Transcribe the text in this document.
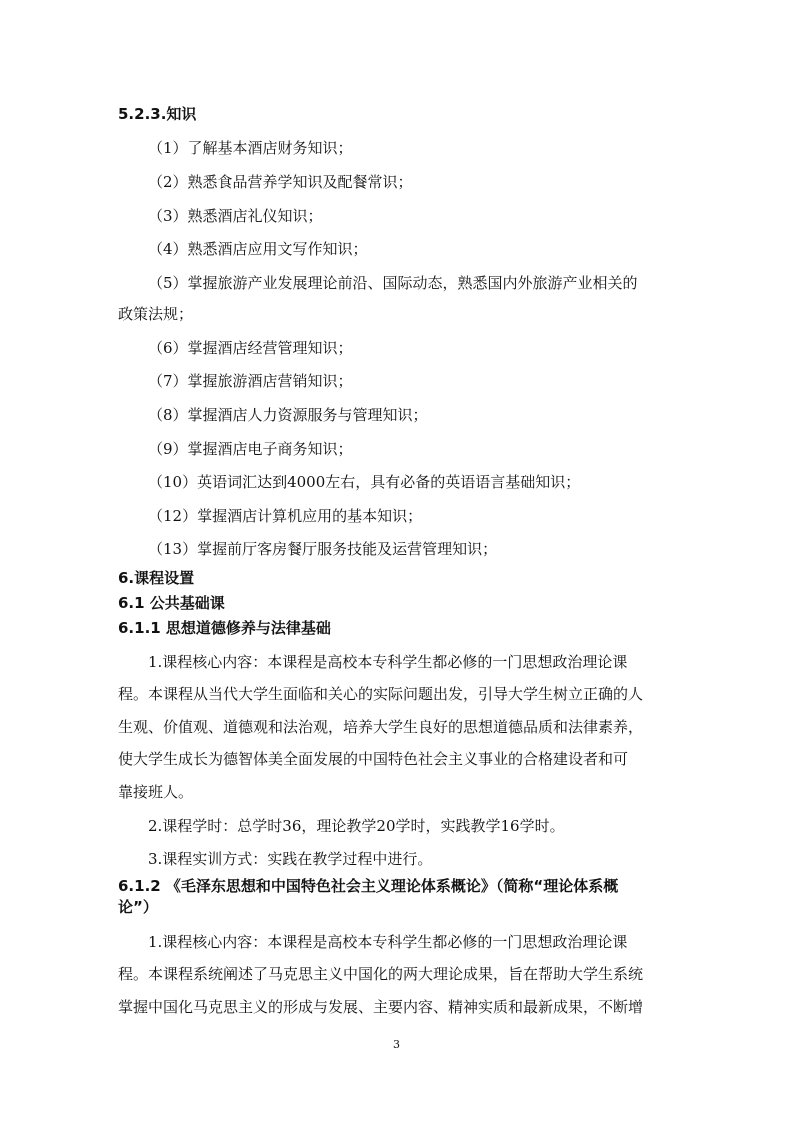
5.2.3.知识
（1）了解基本酒店财务知识；
（2）熟悉食品营养学知识及配餐常识；
（3）熟悉酒店礼仪知识；
（4）熟悉酒店应用文写作知识；
（5）掌握旅游产业发展理论前沿、国际动态，熟悉国内外旅游产业相关的
政策法规；
（6）掌握酒店经营管理知识；
（7）掌握旅游酒店营销知识；
（8）掌握酒店人力资源服务与管理知识；
（9）掌握酒店电子商务知识；
（10）英语词汇达到4000左右，具有必备的英语语言基础知识；
（12）掌握酒店计算机应用的基本知识；
（13）掌握前厅客房餐厅服务技能及运营管理知识；
6.课程设置
6.1 公共基础课
6.1.1 思想道德修养与法律基础
1.课程核心内容：本课程是高校本专科学生都必修的一门思想政治理论课
程。本课程从当代大学生面临和关心的实际问题出发，引导大学生树立正确的人
生观、价值观、道德观和法治观，培养大学生良好的思想道德品质和法律素养，
使大学生成长为德智体美全面发展的中国特色社会主义事业的合格建设者和可
靠接班人。
2.课程学时：总学时36，理论教学20学时，实践教学16学时。
3.课程实训方式：实践在教学过程中进行。
6.1.2 《毛泽东思想和中国特色社会主义理论体系概论》（简称“理论体系概
论”）
1.课程核心内容：本课程是高校本专科学生都必修的一门思想政治理论课
程。本课程系统阐述了马克思主义中国化的两大理论成果，旨在帮助大学生系统
掌握中国化马克思主义的形成与发展、主要内容、精神实质和最新成果，不断增
3
